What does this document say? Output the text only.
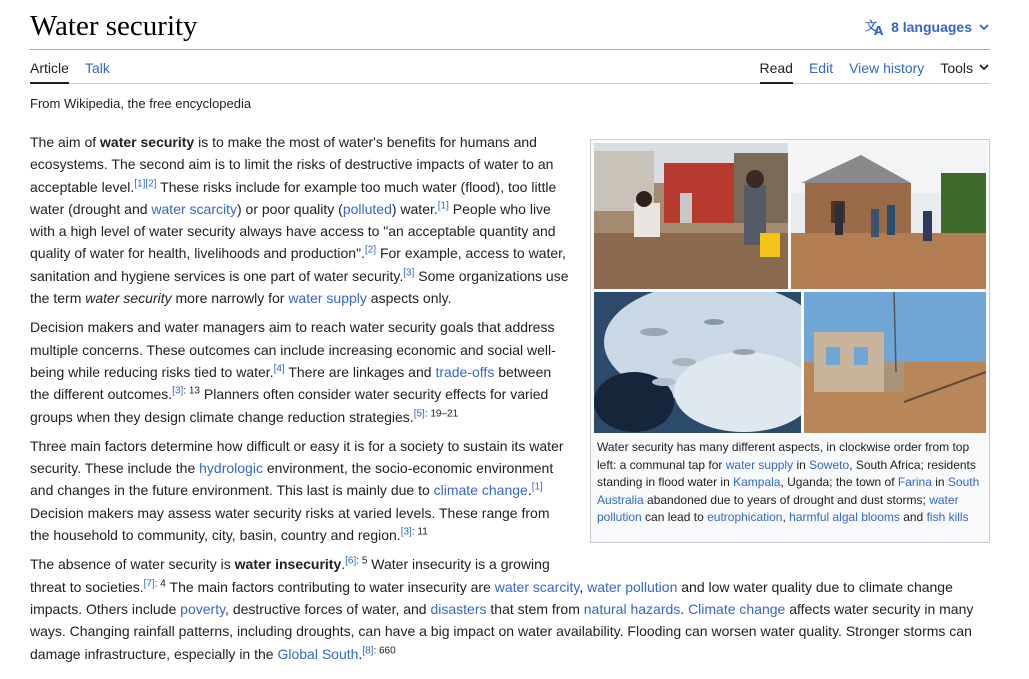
Water security	文
A 8 languages
Article Talk	Read Edit View history Tools
From Wikipedia, the free encyclopedia
Water security has many different aspects, in clockwise order from top left: a communal tap for water supply in Soweto, South Africa; residents standing in flood water in Kampala, Uganda; the town of Farina in South Australia abandoned due to years of drought and dust storms; water pollution can lead to eutrophication, harmful algal blooms and fish kills

The aim of water security is to make the most of water's benefits for humans and ecosystems. The second aim is to limit the risks of destructive impacts of water to an acceptable level.[1][2] These risks include for example too much water (flood), too little water (drought and water scarcity) or poor quality (polluted) water.[1] People who live with a high level of water security always have access to "an acceptable quantity and quality of water for health, livelihoods and production".[2] For example, access to water, sanitation and hygiene services is one part of water security.[3] Some organizations use the term water security more narrowly for water supply aspects only.

Decision makers and water managers aim to reach water security goals that address multiple concerns. These outcomes can include increasing economic and social well-being while reducing risks tied to water.[4] There are linkages and trade-offs between the different outcomes.$^{[3]: 13}$ Planners often consider water security effects for varied groups when they design climate change reduction strategies.$^{[5]: 19-21}$

Three main factors determine how difficult or easy it is for a society to sustain its water security. These include the hydrologic environment, the socio-economic environment and changes in the future environment. This last is mainly due to climate change.[1] Decision makers may assess water security risks at varied levels. These range from the household to community, city, basin, country and region.$^{[3]: 11}$

The absence of water security is water insecurity.$^{[6]: 5}$ Water insecurity is a growing threat to societies.$^{[7]: 4}$ The main factors contributing to water insecurity are water scarcity, water pollution and low water quality due to climate change impacts. Others include poverty, destructive forces of water, and disasters that stem from natural hazards. Climate change affects water security in many ways. Changing rainfall patterns, including droughts, can have a big impact on water availability. Flooding can worsen water quality. Stronger storms can damage infrastructure, especially in the Global South.$^{[8]: 660}$
